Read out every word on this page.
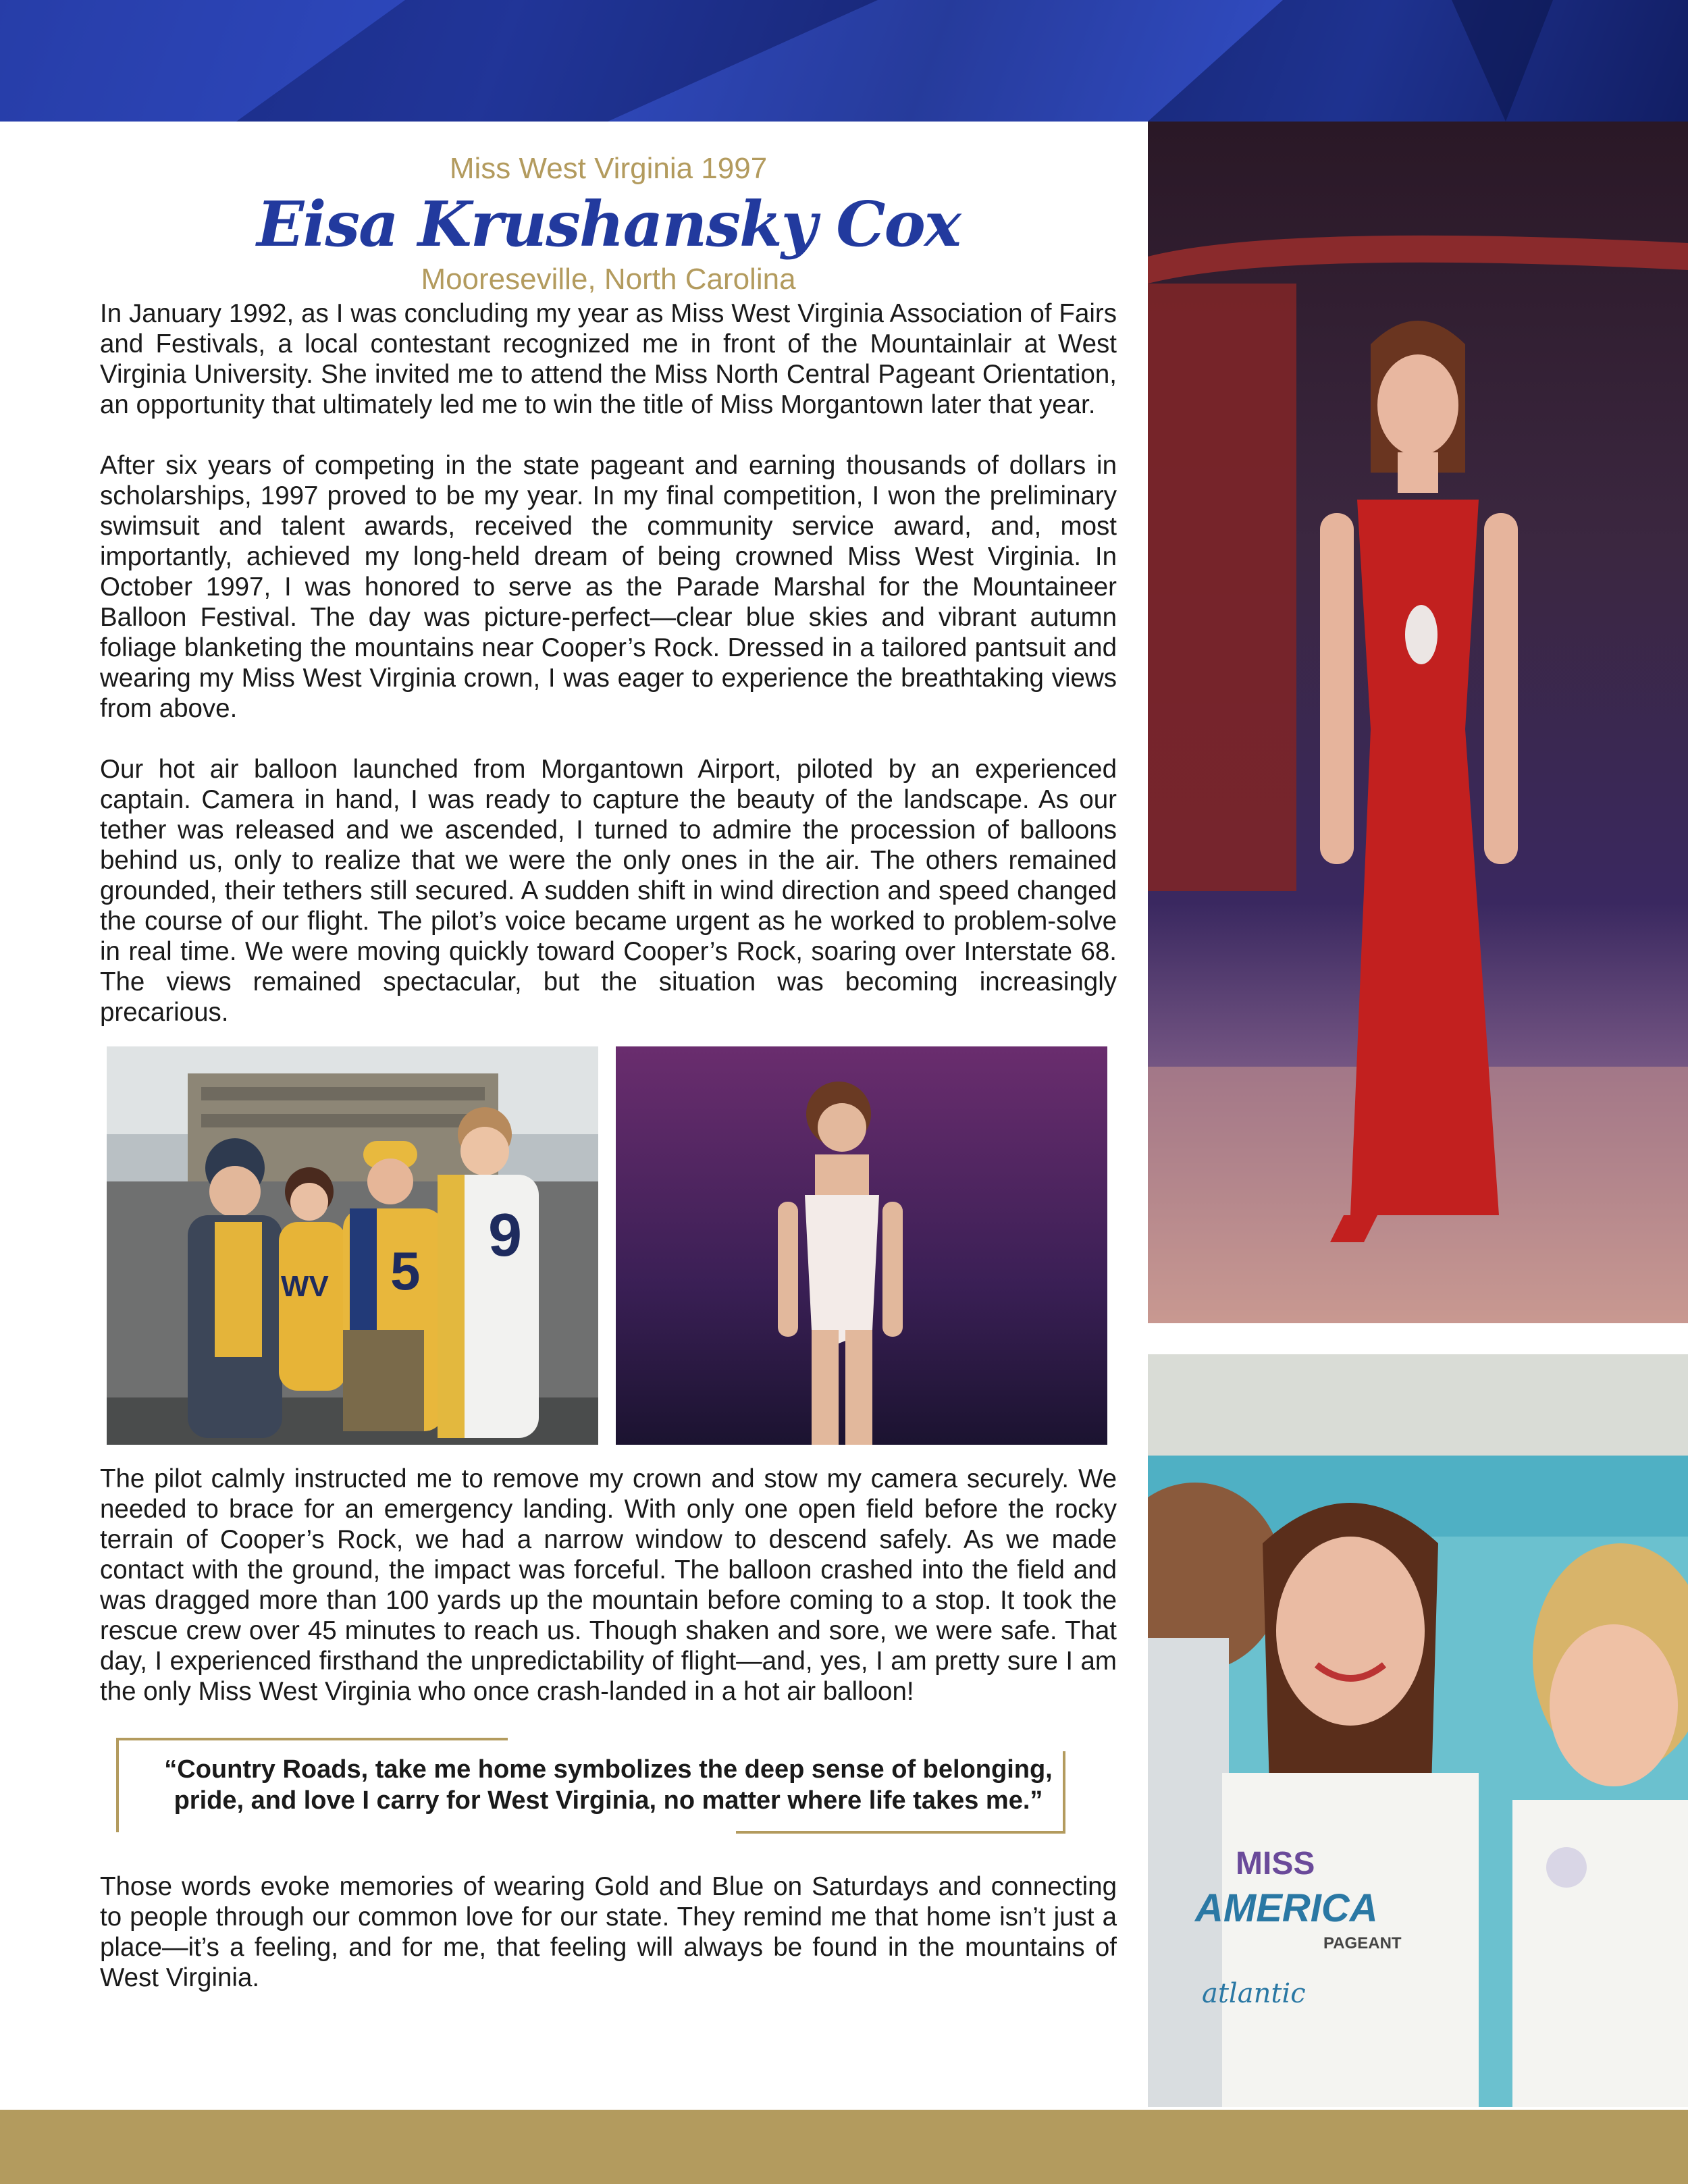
Miss West Virginia 1997
Eisa Krushansky Cox
Mooreseville, North Carolina

In January 1992, as I was concluding my year as Miss West Virginia Association of Fairs and Festivals, a local contestant recognized me in front of the Mountainlair at West Virginia University. She invited me to attend the Miss North Central Pageant Orientation, an opportunity that ultimately led me to win the title of Miss Morgantown later that year.

After six years of competing in the state pageant and earning thousands of dollars in scholarships, 1997 proved to be my year. In my final competition, I won the preliminary swimsuit and talent awards, received the community service award, and, most importantly, achieved my long-held dream of being crowned Miss West Virginia. In October 1997, I was honored to serve as the Parade Marshal for the Mountaineer Balloon Festival. The day was picture-perfect—clear blue skies and vibrant autumn foliage blanketing the mountains near Cooper’s Rock. Dressed in a tailored pantsuit and wearing my Miss West Virginia crown, I was eager to experience the breathtaking views from above.

Our hot air balloon launched from Morgantown Airport, piloted by an experienced captain. Camera in hand, I was ready to capture the beauty of the landscape. As our tether was released and we ascended, I turned to admire the procession of balloons behind us, only to realize that we were the only ones in the air. The others remained grounded, their tethers still secured. A sudden shift in wind direction and speed changed the course of our flight. The pilot’s voice became urgent as he worked to problem-solve in real time. We were moving quickly toward Cooper’s Rock, soaring over Interstate 68. The views remained spectacular, but the situation was becoming increasingly precarious.

WV 5
9

The pilot calmly instructed me to remove my crown and stow my camera securely. We needed to brace for an emergency landing. With only one open field before the rocky terrain of Cooper’s Rock, we had a narrow window to descend safely. As we made contact with the ground, the impact was forceful. The balloon crashed into the field and was dragged more than 100 yards up the mountain before coming to a stop. It took the rescue crew over 45 minutes to reach us. Though shaken and sore, we were safe. That day, I experienced firsthand the unpredictability of flight—and, yes, I am pretty sure I am the only Miss West Virginia who once crash-landed in a hot air balloon!

“Country Roads, take me home symbolizes the deep sense of belonging,
pride, and love I carry for West Virginia, no matter where life takes me.”

Those words evoke memories of wearing Gold and Blue on Saturdays and connecting to people through our common love for our state. They remind me that home isn’t just a place—it’s a feeling, and for me, that feeling will always be found in the mountains of West Virginia.

MISS
AMERICA
PAGEANT
atlantic
